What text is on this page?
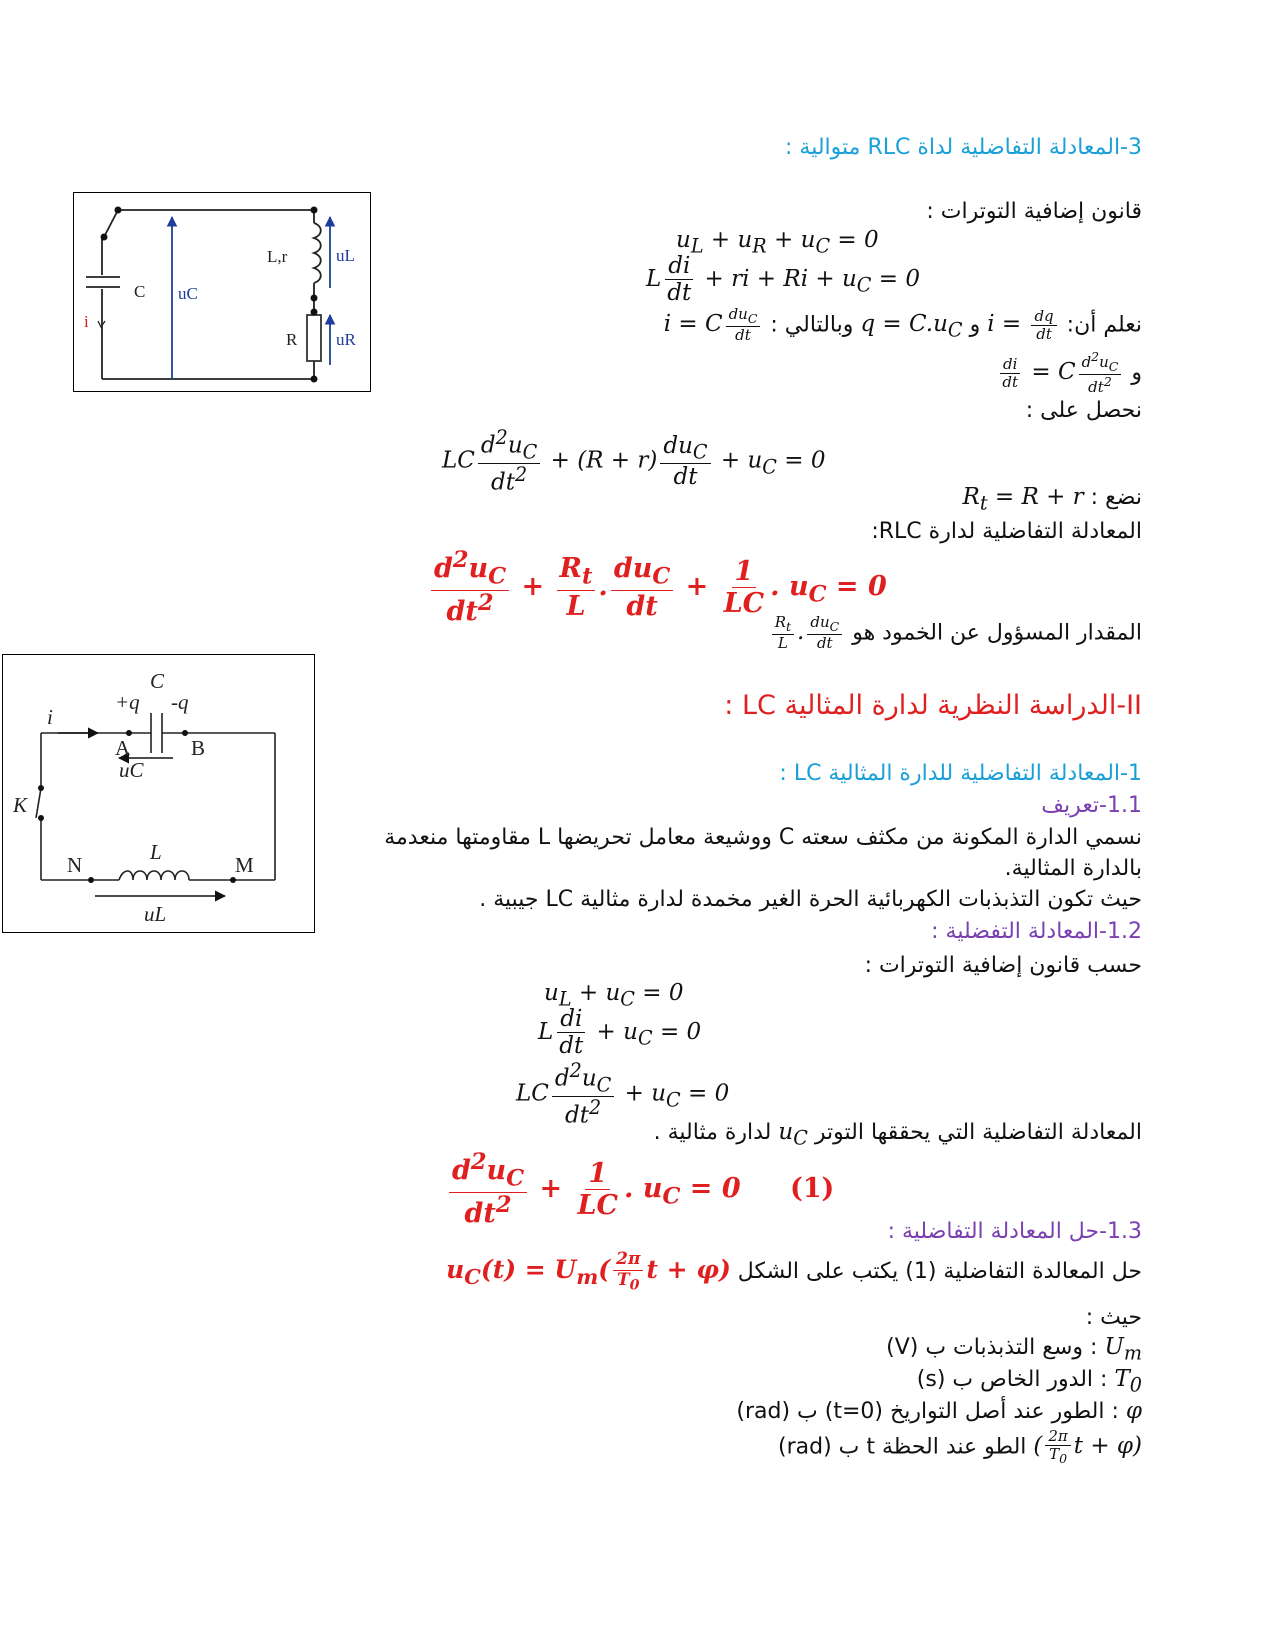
3-المعادلة التفاضلية لداة RLC متوالية :
C uC
i
L,r	uL
R uR
قانون إضافية التوترات :
$u_L + u_R + u_C = 0$
L $\frac{di}{dt}$ + ri + $Ri + u_C = 0$
نعلم أن: $i = \frac{dq}{dt}$
و $q = C.u_C$ وبالتالي : i = C $\frac{du_C}{dt}$
و
$\frac{di}{dt} = C \frac{d^2u_C}{dt^2}$
نحصل على :
LC $\frac{d^2u_C}{dt^2} + (R + r) \frac{du_C}{dt} + u_C = 0$
نضع : $R_t = R + r$
المعادلة التفاضلية لدارة RLC:
$\frac{d^2u_C}{dt^2} + \frac{R_t}{L}$ . $\frac{du_C}{dt} + \frac{1}{LC}$ . $u_C = 0$
المقدار المسؤول عن الخمود هو
$\frac{R_t}{L}$ . $\frac{du_C}{dt}$
C
+q -q
i
A	B
uC
K
N
L
M
uL
II-الدراسة النظرية لدارة المثالية LC :
1-المعادلة التفاضلية للدارة المثالية LC :
1.1-تعريف
نسمي الدارة المكونة من مكثف سعته C ووشيعة معامل تحريضها L مقاومتها منعدمة
بالدارة المثالية.
حيث تكون التذبذبات الكهربائية الحرة الغير مخمدة لدارة مثالية LC جيبية .
1.2-المعادلة التفضلية :
حسب قانون إضافية التوترات :
$u_L + u_C = 0$
L $\frac{di}{dt} + u_C = 0$
LC $\frac{d^2u_C}{dt^2} + u_C = 0$
المعادلة التفاضلية التي يحققها التوتر $u_C$ لدارة مثالية .
$\frac{d^2u_C}{dt^2} + \frac{1}{LC}$ . $u_C = 0$ (1)
1.3-حل المعادلة التفاضلية :
حل المعالدة التفاضلية (1) يكتب على الشكل $u_C(t) = U_m( \frac{2\pi}{T_0}$ t + φ)
حيث :
$U_m$ : وسع التذبذبات ب (V)
$T_0$ : الدور الخاص ب (s)
φ : الطور عند أصل التواريخ (t=0) ب (rad)
( $\frac{2\pi}{T_0}$ t + φ) الطو عند الحظة t ب (rad)
